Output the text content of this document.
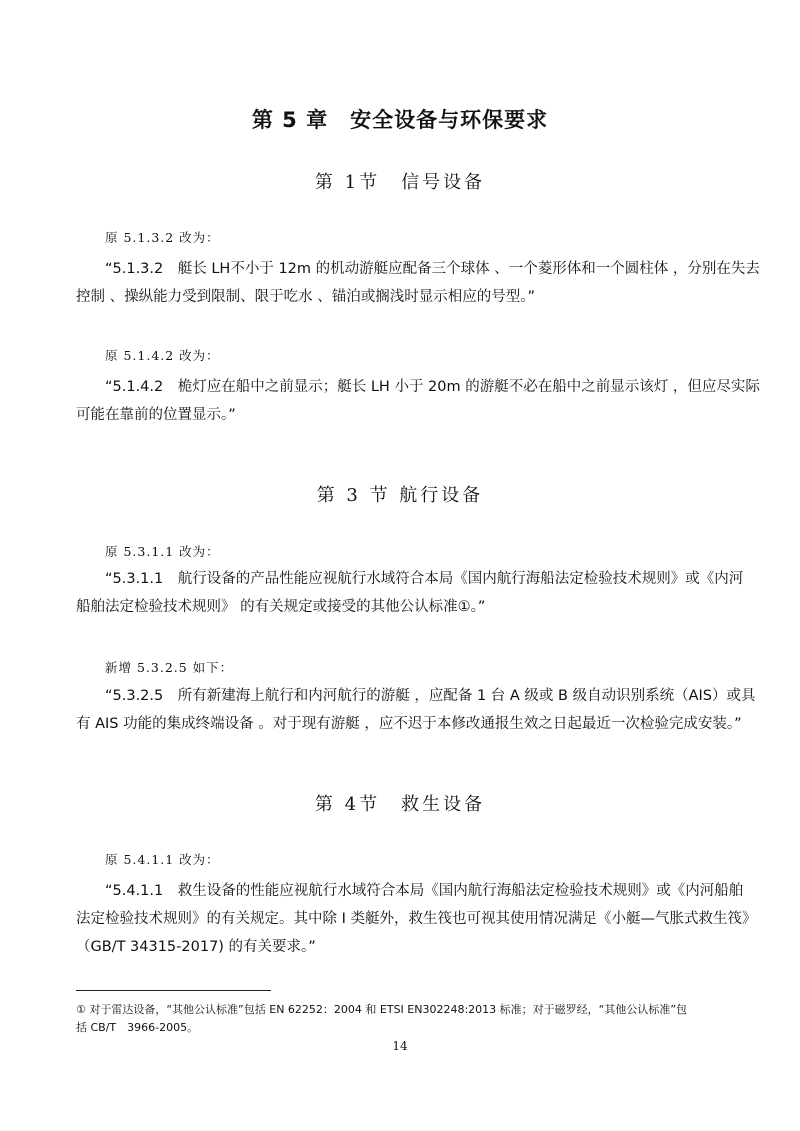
第 5 章　安全设备与环保要求
第 1节　信号设备
原 5.1.3.2 改为：
“5.1.3.2　艇长 LH不小于 12m 的机动游艇应配备三个球体 、一个菱形体和一个圆柱体 ，分别在失去
控制 、操纵能力受到限制、限于吃水 、锚泊或搁浅时显示相应的号型。”
原 5.1.4.2 改为：
“5.1.4.2　桅灯应在船中之前显示；艇长 LH 小于 20m 的游艇不必在船中之前显示该灯 ，但应尽实际
可能在靠前的位置显示。”
第 3 节 航行设备
原 5.3.1.1 改为：
“5.3.1.1　航行设备的产品性能应视航行水域符合本局《国内航行海船法定检验技术规则》或《内河
船舶法定检验技术规则》 的有关规定或接受的其他公认标准①。”
新增 5.3.2.5 如下：
“5.3.2.5　所有新建海上航行和内河航行的游艇 ，应配备 1 台 A 级或 B 级自动识别系统（AIS）或具
有 AIS 功能的集成终端设备 。对于现有游艇 ，应不迟于本修改通报生效之日起最近一次检验完成安装。”
第 4节　救生设备
原 5.4.1.1 改为：
“5.4.1.1　救生设备的性能应视航行水域符合本局《国内航行海船法定检验技术规则》或《内河船舶
法定检验技术规则》的有关规定。其中除 I 类艇外，救生筏也可视其使用情况满足《小艇—气胀式救生筏》
（GB/T 34315-2017) 的有关要求。”
① 对于雷达设备，“其他公认标准”包括 EN 62252：2004 和 ETSI EN302248:2013 标准；对于磁罗经，“其他公认标准”包
括 CB/T　3966-2005。
14
